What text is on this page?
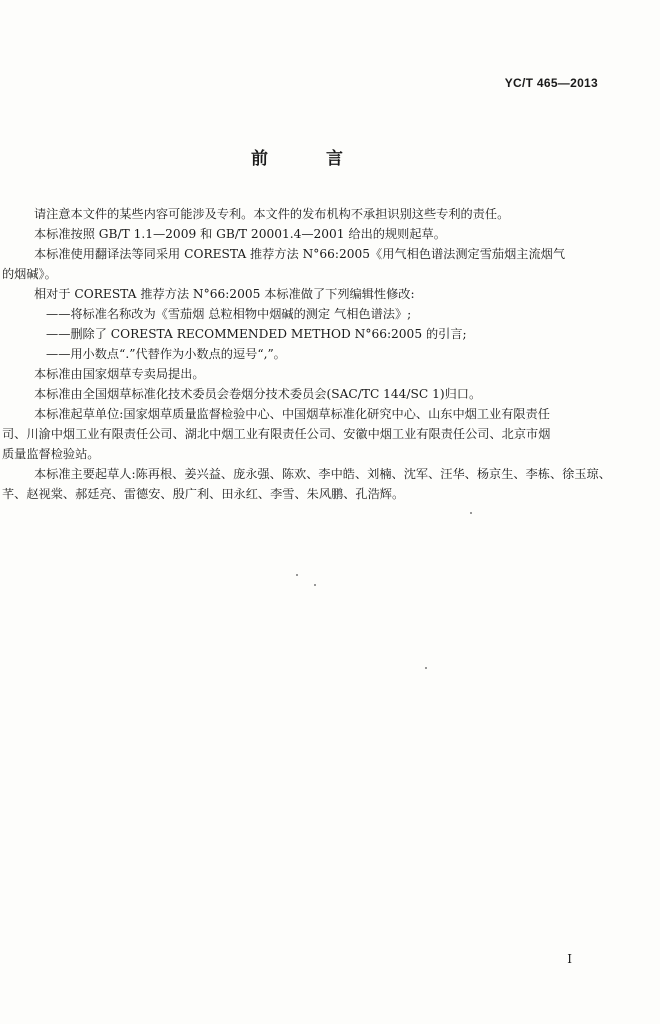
YC/T 465—2013
前 言

请注意本文件的某些内容可能涉及专利。本文件的发布机构不承担识别这些专利的责任。

本标准按照 GB/T 1.1—2009 和 GB/T 20001.4—2001 给出的规则起草。

本标准使用翻译法等同采用 CORESTA 推荐方法 N°66:2005《用气相色谱法测定雪茄烟主流烟气

的烟碱》。

相对于 CORESTA 推荐方法 N°66:2005 本标准做了下列编辑性修改:

——将标准名称改为《雪茄烟 总粒相物中烟碱的测定 气相色谱法》;

——删除了 CORESTA RECOMMENDED METHOD N°66:2005 的引言;

——用小数点“.”代替作为小数点的逗号“,”。

本标准由国家烟草专卖局提出。

本标准由全国烟草标准化技术委员会卷烟分技术委员会(SAC/TC 144/SC 1)归口。

本标准起草单位:国家烟草质量监督检验中心、中国烟草标准化研究中心、山东中烟工业有限责任

司、川渝中烟工业有限责任公司、湖北中烟工业有限责任公司、安徽中烟工业有限责任公司、北京市烟

质量监督检验站。

本标准主要起草人:陈再根、姜兴益、庞永强、陈欢、李中皓、刘楠、沈军、汪华、杨京生、李栋、徐玉琼、

芊、赵视棠、郝廷亮、雷德安、殷广利、田永红、李雪、朱风鹏、孔浩辉。

I
